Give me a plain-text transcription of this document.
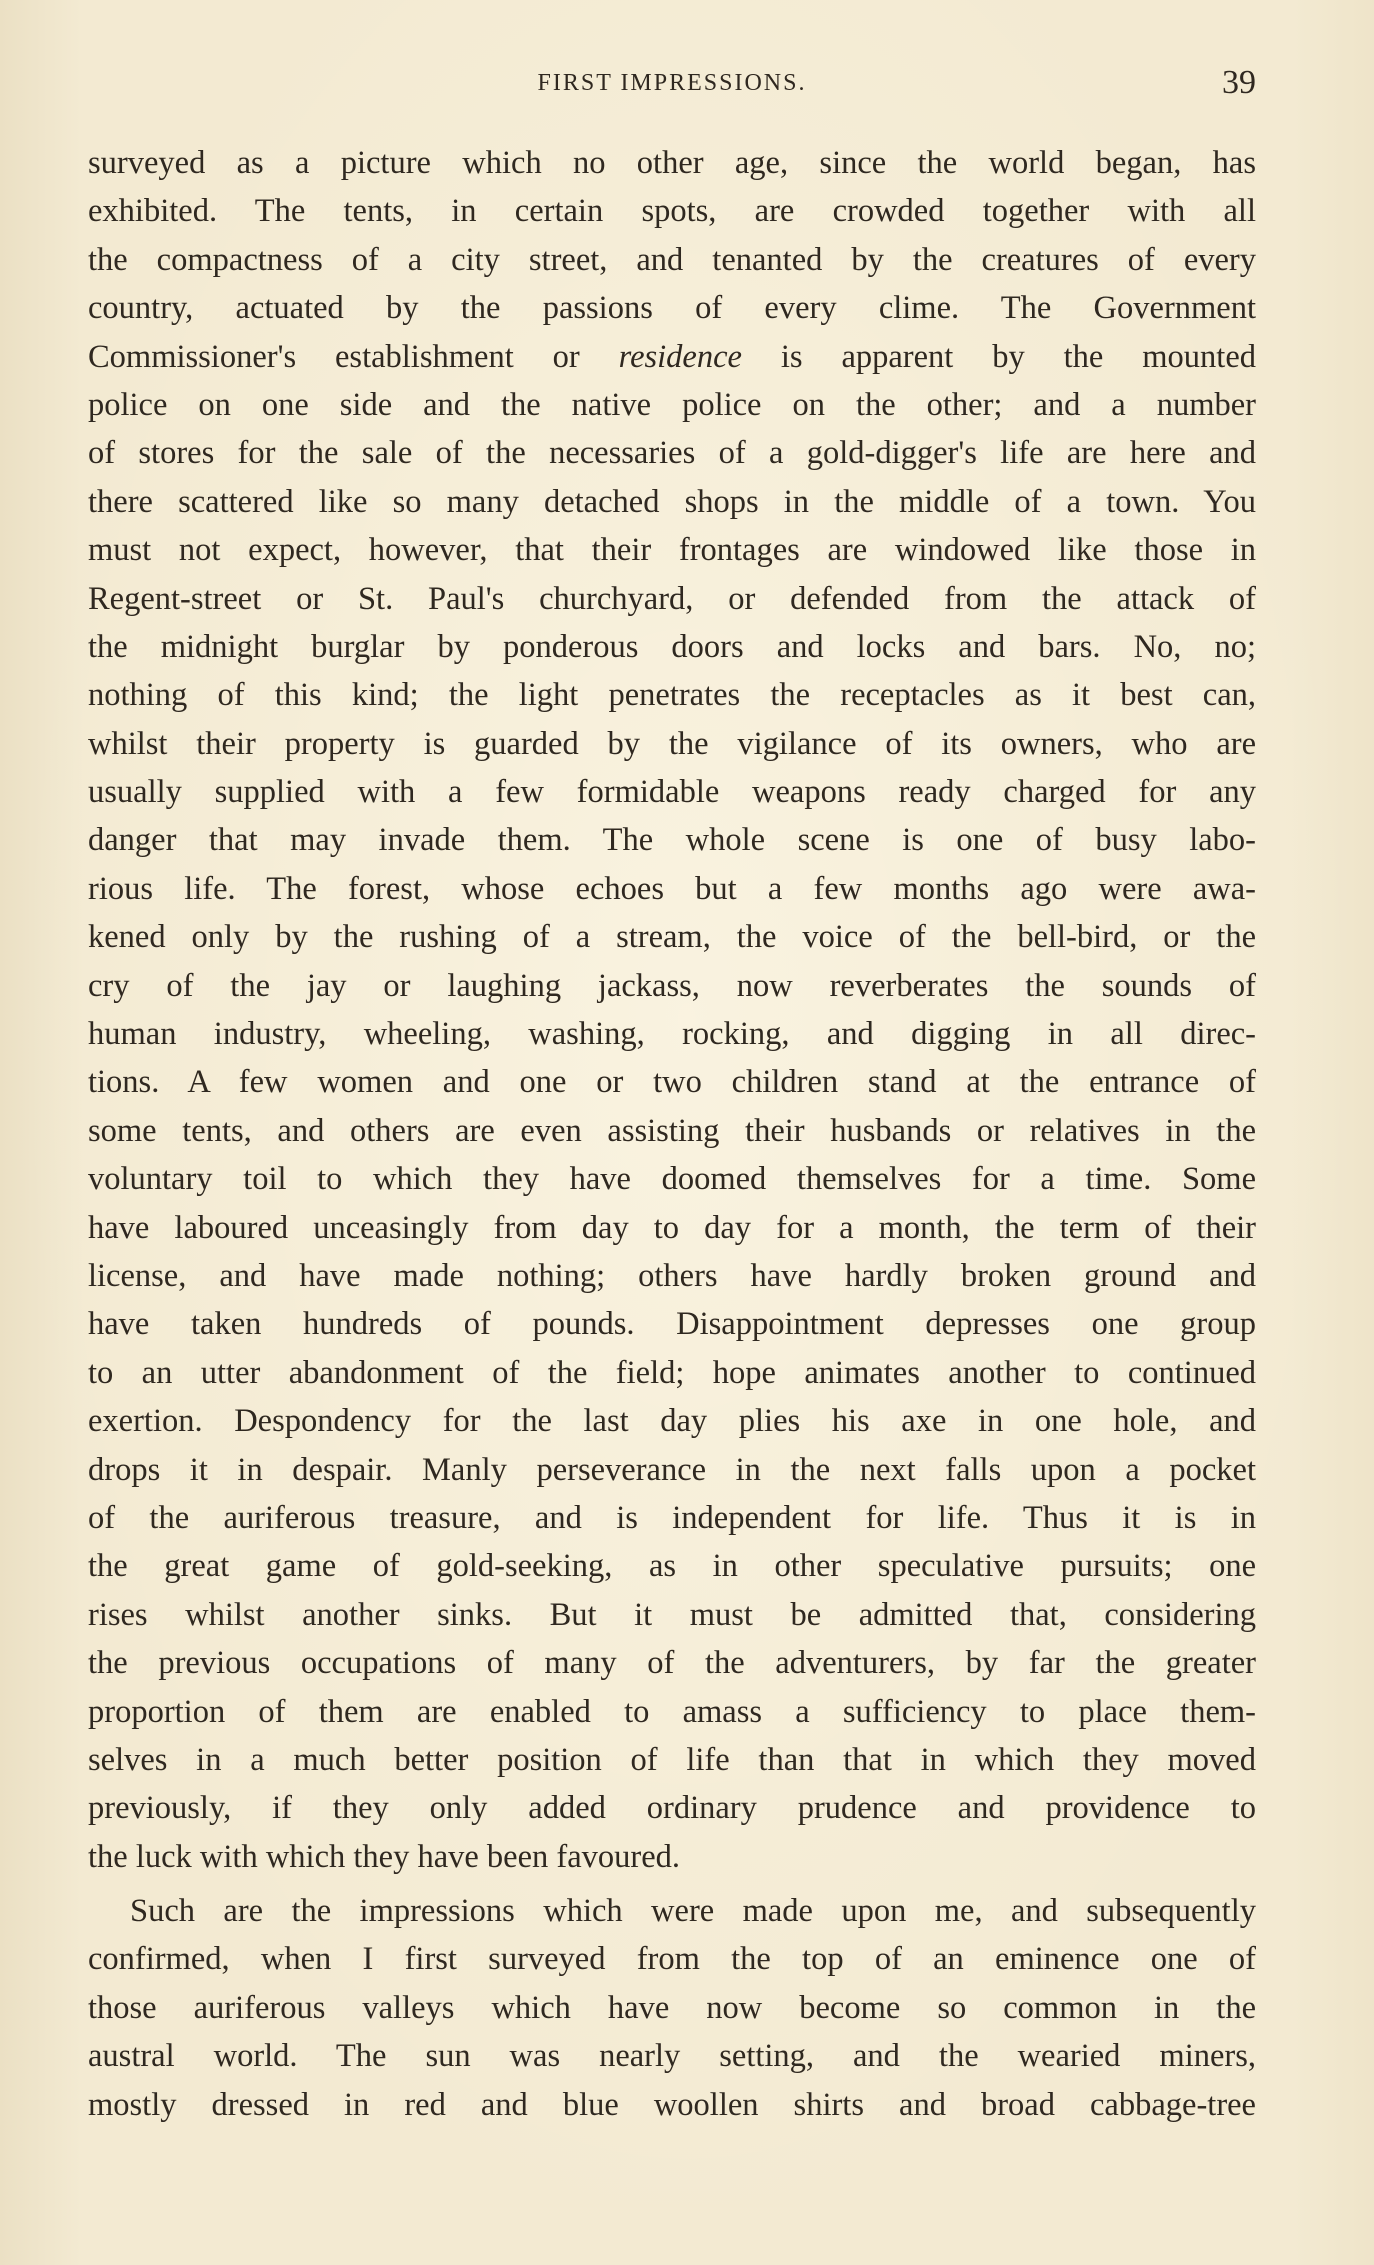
FIRST IMPRESSIONS.	39
surveyed as a picture which no other age, since the world began, has
exhibited. The tents, in certain spots, are crowded together with all
the compactness of a city street, and tenanted by the creatures of every
country, actuated by the passions of every clime. The Government
Commissioner's establishment or residence is apparent by the mounted
police on one side and the native police on the other; and a number
of stores for the sale of the necessaries of a gold-digger's life are here and
there scattered like so many detached shops in the middle of a town. You
must not expect, however, that their frontages are windowed like those in
Regent-street or St. Paul's churchyard, or defended from the attack of
the midnight burglar by ponderous doors and locks and bars. No, no;
nothing of this kind; the light penetrates the receptacles as it best can,
whilst their property is guarded by the vigilance of its owners, who are
usually supplied with a few formidable weapons ready charged for any
danger that may invade them. The whole scene is one of busy labo-
rious life. The forest, whose echoes but a few months ago were awa-
kened only by the rushing of a stream, the voice of the bell-bird, or the
cry of the jay or laughing jackass, now reverberates the sounds of
human industry, wheeling, washing, rocking, and digging in all direc-
tions. A few women and one or two children stand at the entrance of
some tents, and others are even assisting their husbands or relatives in the
voluntary toil to which they have doomed themselves for a time. Some
have laboured unceasingly from day to day for a month, the term of their
license, and have made nothing; others have hardly broken ground and
have taken hundreds of pounds. Disappointment depresses one group
to an utter abandonment of the field; hope animates another to continued
exertion. Despondency for the last day plies his axe in one hole, and
drops it in despair. Manly perseverance in the next falls upon a pocket
of the auriferous treasure, and is independent for life. Thus it is in
the great game of gold-seeking, as in other speculative pursuits; one
rises whilst another sinks. But it must be admitted that, considering
the previous occupations of many of the adventurers, by far the greater
proportion of them are enabled to amass a sufficiency to place them-
selves in a much better position of life than that in which they moved
previously, if they only added ordinary prudence and providence to
the luck with which they have been favoured.
Such are the impressions which were made upon me, and subsequently
confirmed, when I first surveyed from the top of an eminence one of
those auriferous valleys which have now become so common in the
austral world. The sun was nearly setting, and the wearied miners,
mostly dressed in red and blue woollen shirts and broad cabbage-tree
